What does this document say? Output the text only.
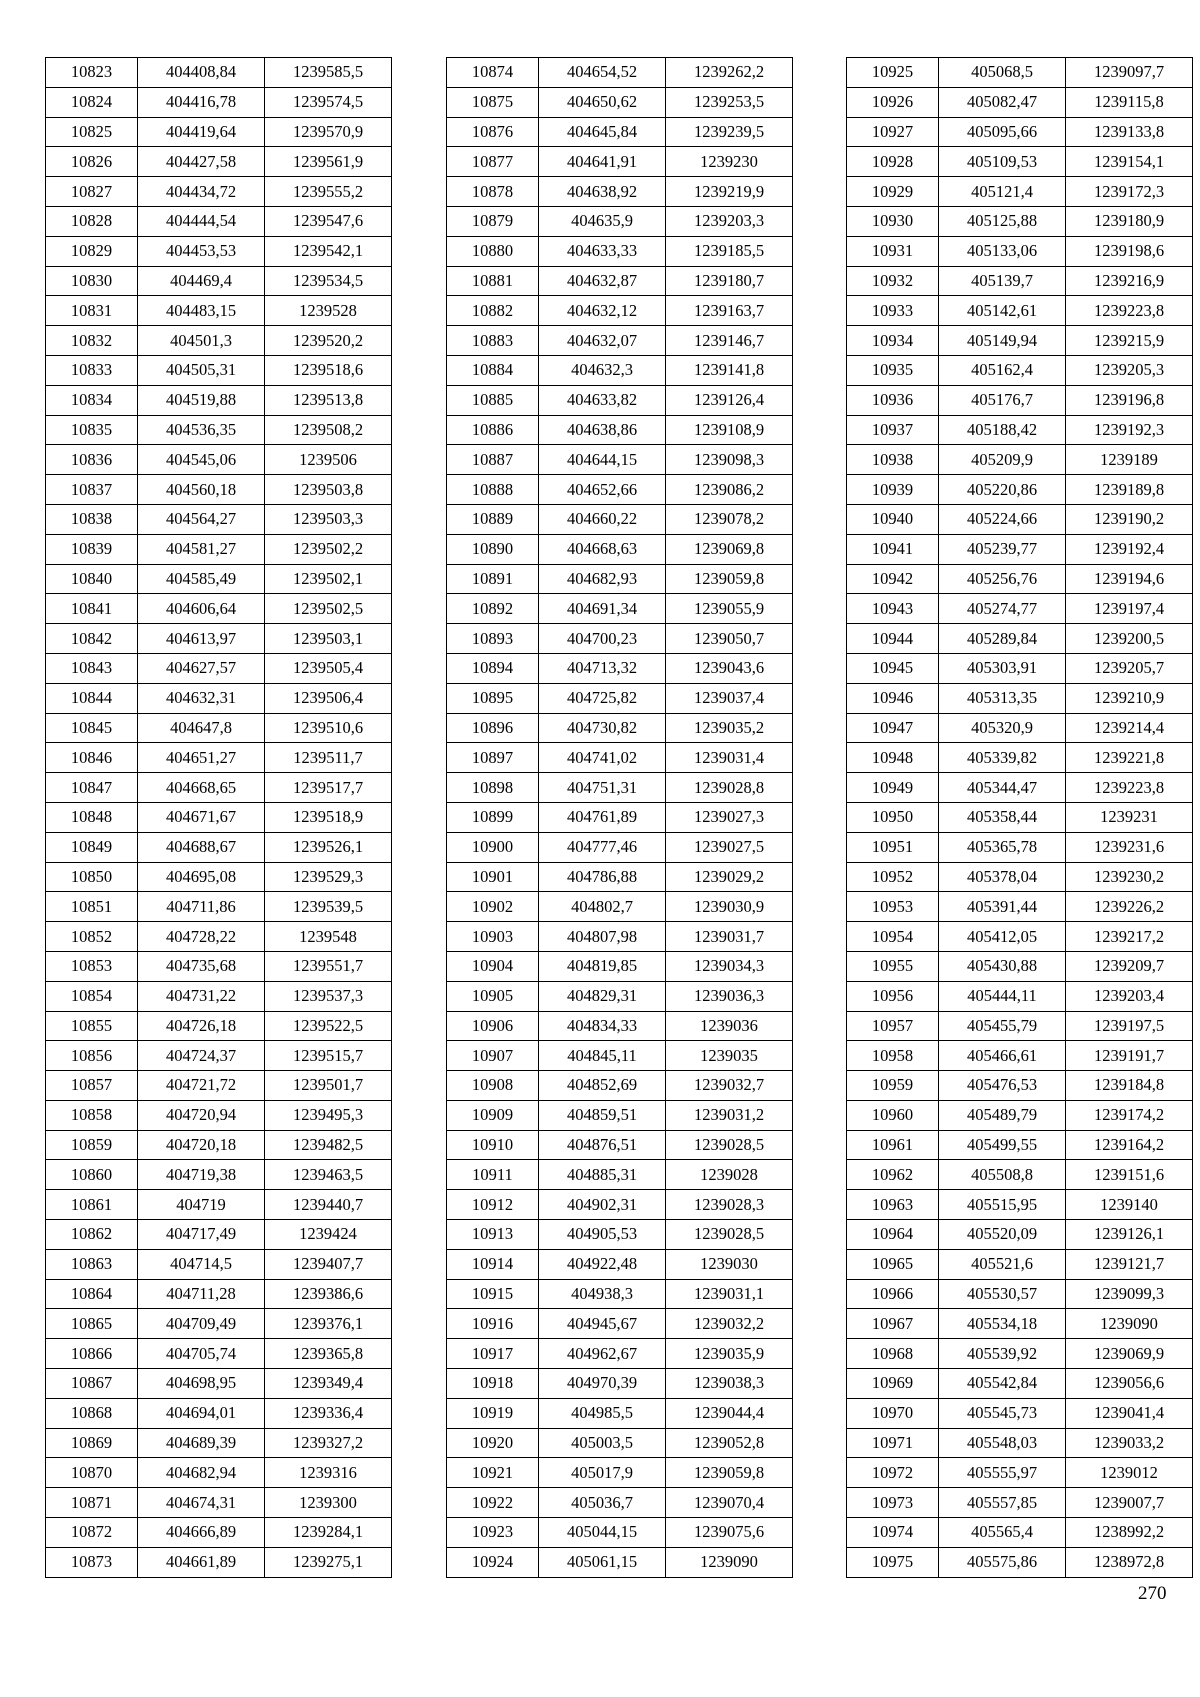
10823	404408,84	1239585,5
10824	404416,78	1239574,5
10825	404419,64	1239570,9
10826	404427,58	1239561,9
10827	404434,72	1239555,2
10828	404444,54	1239547,6
10829	404453,53	1239542,1
10830	404469,4	1239534,5
10831	404483,15	1239528
10832	404501,3	1239520,2
10833	404505,31	1239518,6
10834	404519,88	1239513,8
10835	404536,35	1239508,2
10836	404545,06	1239506
10837	404560,18	1239503,8
10838	404564,27	1239503,3
10839	404581,27	1239502,2
10840	404585,49	1239502,1
10841	404606,64	1239502,5
10842	404613,97	1239503,1
10843	404627,57	1239505,4
10844	404632,31	1239506,4
10845	404647,8	1239510,6
10846	404651,27	1239511,7
10847	404668,65	1239517,7
10848	404671,67	1239518,9
10849	404688,67	1239526,1
10850	404695,08	1239529,3
10851	404711,86	1239539,5
10852	404728,22	1239548
10853	404735,68	1239551,7
10854	404731,22	1239537,3
10855	404726,18	1239522,5
10856	404724,37	1239515,7
10857	404721,72	1239501,7
10858	404720,94	1239495,3
10859	404720,18	1239482,5
10860	404719,38	1239463,5
10861	404719	1239440,7
10862	404717,49	1239424
10863	404714,5	1239407,7
10864	404711,28	1239386,6
10865	404709,49	1239376,1
10866	404705,74	1239365,8
10867	404698,95	1239349,4
10868	404694,01	1239336,4
10869	404689,39	1239327,2
10870	404682,94	1239316
10871	404674,31	1239300
10872	404666,89	1239284,1
10873	404661,89	1239275,1
10874	404654,52	1239262,2
10875	404650,62	1239253,5
10876	404645,84	1239239,5
10877	404641,91	1239230
10878	404638,92	1239219,9
10879	404635,9	1239203,3
10880	404633,33	1239185,5
10881	404632,87	1239180,7
10882	404632,12	1239163,7
10883	404632,07	1239146,7
10884	404632,3	1239141,8
10885	404633,82	1239126,4
10886	404638,86	1239108,9
10887	404644,15	1239098,3
10888	404652,66	1239086,2
10889	404660,22	1239078,2
10890	404668,63	1239069,8
10891	404682,93	1239059,8
10892	404691,34	1239055,9
10893	404700,23	1239050,7
10894	404713,32	1239043,6
10895	404725,82	1239037,4
10896	404730,82	1239035,2
10897	404741,02	1239031,4
10898	404751,31	1239028,8
10899	404761,89	1239027,3
10900	404777,46	1239027,5
10901	404786,88	1239029,2
10902	404802,7	1239030,9
10903	404807,98	1239031,7
10904	404819,85	1239034,3
10905	404829,31	1239036,3
10906	404834,33	1239036
10907	404845,11	1239035
10908	404852,69	1239032,7
10909	404859,51	1239031,2
10910	404876,51	1239028,5
10911	404885,31	1239028
10912	404902,31	1239028,3
10913	404905,53	1239028,5
10914	404922,48	1239030
10915	404938,3	1239031,1
10916	404945,67	1239032,2
10917	404962,67	1239035,9
10918	404970,39	1239038,3
10919	404985,5	1239044,4
10920	405003,5	1239052,8
10921	405017,9	1239059,8
10922	405036,7	1239070,4
10923	405044,15	1239075,6
10924	405061,15	1239090
10925	405068,5	1239097,7
10926	405082,47	1239115,8
10927	405095,66	1239133,8
10928	405109,53	1239154,1
10929	405121,4	1239172,3
10930	405125,88	1239180,9
10931	405133,06	1239198,6
10932	405139,7	1239216,9
10933	405142,61	1239223,8
10934	405149,94	1239215,9
10935	405162,4	1239205,3
10936	405176,7	1239196,8
10937	405188,42	1239192,3
10938	405209,9	1239189
10939	405220,86	1239189,8
10940	405224,66	1239190,2
10941	405239,77	1239192,4
10942	405256,76	1239194,6
10943	405274,77	1239197,4
10944	405289,84	1239200,5
10945	405303,91	1239205,7
10946	405313,35	1239210,9
10947	405320,9	1239214,4
10948	405339,82	1239221,8
10949	405344,47	1239223,8
10950	405358,44	1239231
10951	405365,78	1239231,6
10952	405378,04	1239230,2
10953	405391,44	1239226,2
10954	405412,05	1239217,2
10955	405430,88	1239209,7
10956	405444,11	1239203,4
10957	405455,79	1239197,5
10958	405466,61	1239191,7
10959	405476,53	1239184,8
10960	405489,79	1239174,2
10961	405499,55	1239164,2
10962	405508,8	1239151,6
10963	405515,95	1239140
10964	405520,09	1239126,1
10965	405521,6	1239121,7
10966	405530,57	1239099,3
10967	405534,18	1239090
10968	405539,92	1239069,9
10969	405542,84	1239056,6
10970	405545,73	1239041,4
10971	405548,03	1239033,2
10972	405555,97	1239012
10973	405557,85	1239007,7
10974	405565,4	1238992,2
10975	405575,86	1238972,8
270
